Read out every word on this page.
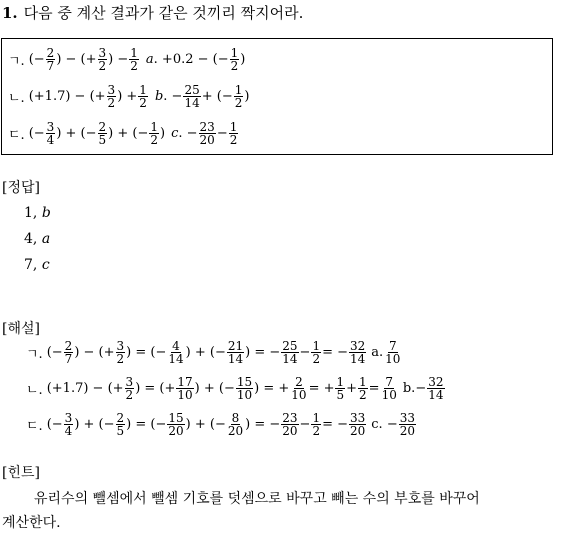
1. 다음 중 계산 결과가 같은 것끼리 짝지어라.
ㄱ. (− $\frac{2}{7}$ ) − (+ $\frac{3}{2}$ ) − $\frac{1}{2}$ a . +0.2 − (− $\frac{1}{2}$ )
ㄴ. (+1.7) − (+ $\frac{3}{2}$ ) + $\frac{1}{2}$ b . − $\frac{25}{14}$ + (− $\frac{1}{2}$ )
ㄷ. (− $\frac{3}{4}$ ) + (− $\frac{2}{5}$ ) + (− $\frac{1}{2}$ ) c . − $\frac{23}{20} - \frac{1}{2}$
[정답]
1, b
4, a
7, c
[해설]
ㄱ. (− $\frac{2}{7}$ ) − (+ $\frac{3}{2}$ ) = (− $\frac{4}{14}$ ) + (− $\frac{21}{14}$ ) = − $\frac{25}{14} - \frac{1}{2}$ = − $\frac{32}{14} a$. $\frac{7}{10}$
ㄴ. (+1.7) − (+ $\frac{3}{2}$ ) = (+ $\frac{17}{10}$ ) + (− $\frac{15}{10}$ ) = + $\frac{2}{10}$ = + $\frac{1}{5} + \frac{1}{2} = \frac{7}{10} b.- \frac{32}{14}$
ㄷ. (− $\frac{3}{4}$ ) + (− $\frac{2}{5}$ ) = (− $\frac{15}{20}$ ) + (− $\frac{8}{20}$ ) = − $\frac{23}{20} - \frac{1}{2}$ = − $\frac{33}{20} c$. − $\frac{33}{20}$
[힌트]
유리수의 뺄셈에서 뺄셈 기호를 덧셈으로 바꾸고 빼는 수의 부호를 바꾸어
계산한다.
